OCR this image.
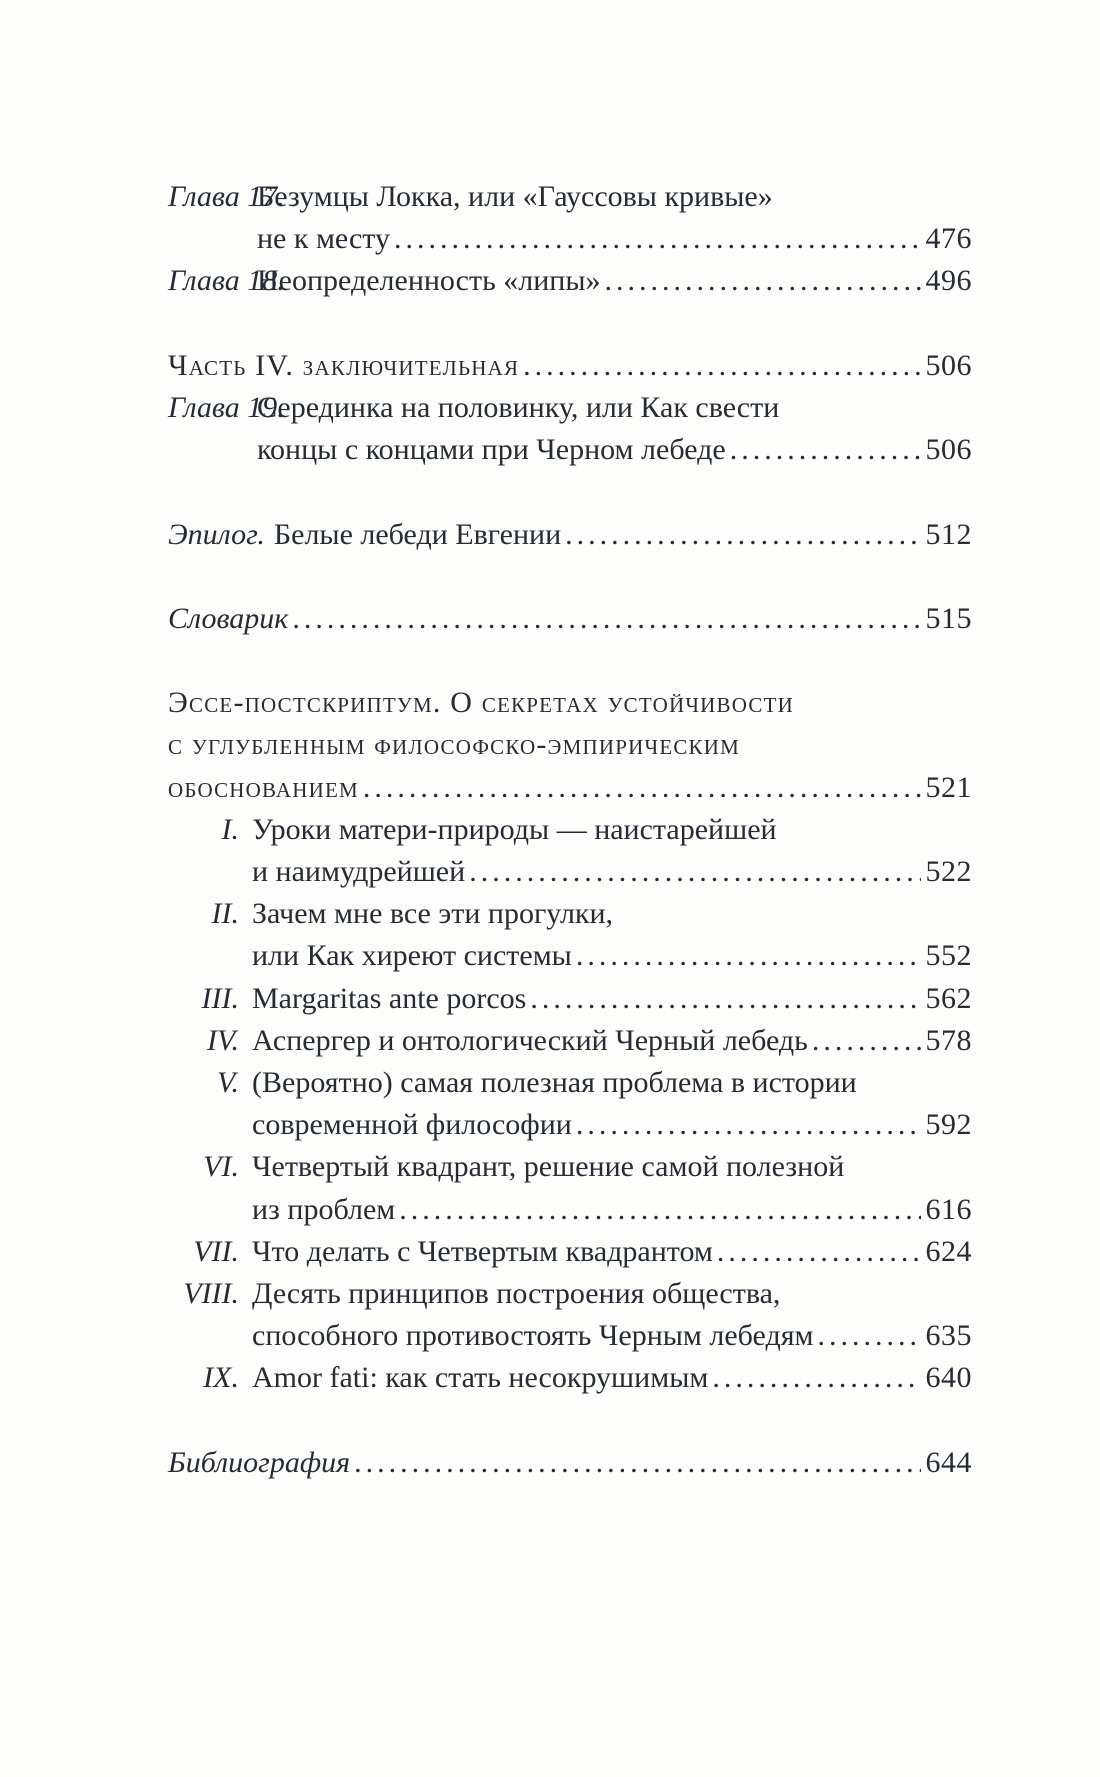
Глава 17.
Безумцы Локка, или «Гауссовы кривые»
не к месту .....	476
Глава 18.
Неопределенность «липы» .....	496
Часть IV. заключительная .....	506
Глава 19.
Серединка на половинку, или Как свести
концы с концами при Черном лебеде .....	506
Эпилог. Белые лебеди Евгении .....	512
Словарик .....	515
Эссе-постскриптум. О секретах устойчивости
с углубленным философско-эмпирическим
обоснованием .....	521
I. Уроки матери-природы — наистарейшей
и наимудрейшей .....	522
II. Зачем мне все эти прогулки,
или Как хиреют системы .....	552
III. Margaritas ante porcos .....	562
IV. Аспергер и онтологический Черный лебедь .....	578
V. (Вероятно) самая полезная проблема в истории
современной философии .....	592
VI. Четвертый квадрант, решение самой полезной
из проблем .....	616
VII. Что делать с Четвертым квадрантом .....	624
VIII. Десять принципов построения общества,
способного противостоять Черным лебедям .....	635
IX. Amor fati: как стать несокрушимым .....	640
Библиография .....	644
